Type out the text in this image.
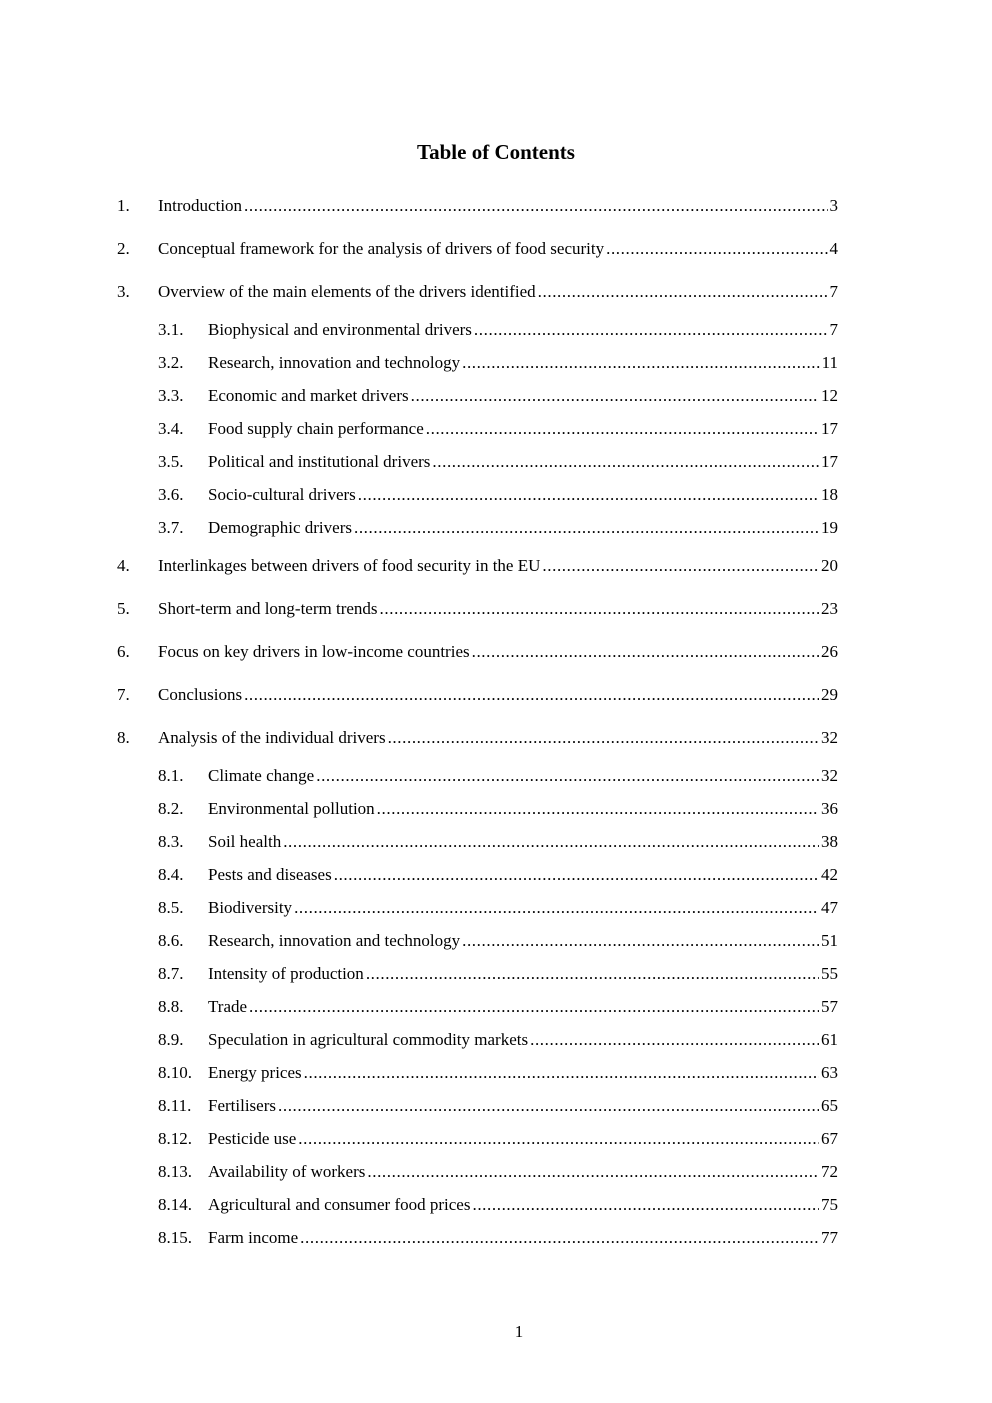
Table of Contents
1.	Introduction .....	3
2.	Conceptual framework for the analysis of drivers of food security .....	4
3.	Overview of the main elements of the drivers identified .....	7
3.1.	Biophysical and environmental drivers .....	7
3.2.	Research, innovation and technology .....	11
3.3.	Economic and market drivers .....	12
3.4.	Food supply chain performance .....	17
3.5.	Political and institutional drivers .....	17
3.6.	Socio-cultural drivers .....	18
3.7.	Demographic drivers .....	19
4.	Interlinkages between drivers of food security in the EU .....	20
5.	Short-term and long-term trends .....	23
6.	Focus on key drivers in low-income countries .....	26
7.	Conclusions .....	29
8.	Analysis of the individual drivers .....	32
8.1.	Climate change .....	32
8.2.	Environmental pollution .....	36
8.3.	Soil health .....	38
8.4.	Pests and diseases .....	42
8.5.	Biodiversity .....	47
8.6.	Research, innovation and technology .....	51
8.7.	Intensity of production .....	55
8.8.	Trade .....	57
8.9.	Speculation in agricultural commodity markets .....	61
8.10. Energy prices .....	63
8.11. Fertilisers .....	65
8.12. Pesticide use .....	67
8.13. Availability of workers .....	72
8.14. Agricultural and consumer food prices .....	75
8.15. Farm income .....	77
1
